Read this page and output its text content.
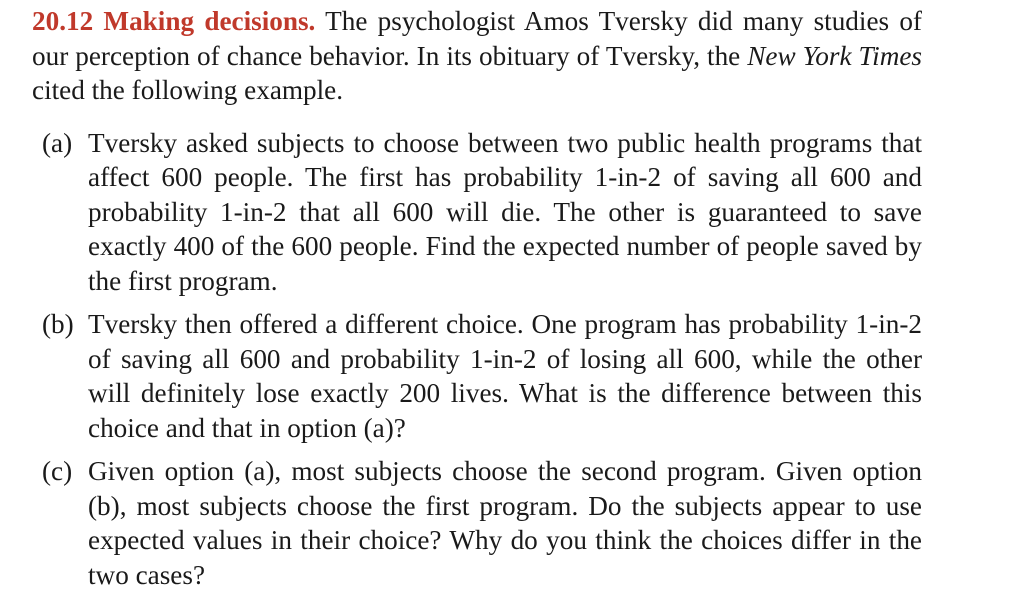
20.12 Making decisions. The psychologist Amos Tversky did many studies of our perception of chance behavior. In its obituary of Tversky, the New York Times cited the following example.

(a) Tversky asked subjects to choose between two public health programs that affect 600 people. The first has probability 1-in-2 of saving all 600 and probability 1-in-2 that all 600 will die. The other is guaranteed to save exactly 400 of the 600 people. Find the expected number of people saved by the first program.

(b) Tversky then offered a different choice. One program has probability 1-in-2 of saving all 600 and probability 1-in-2 of losing all 600, while the other will definitely lose exactly 200 lives. What is the difference between this choice and that in option (a)?

(c) Given option (a), most subjects choose the second program. Given option (b), most subjects choose the first program. Do the subjects appear to use expected values in their choice? Why do you think the choices differ in the two cases?
